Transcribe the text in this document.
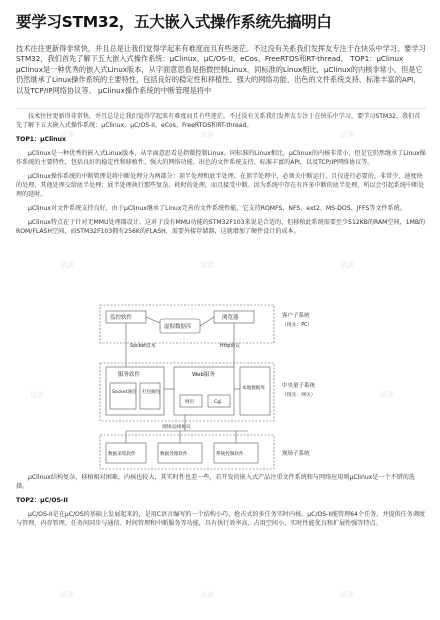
要学习STM32，五大嵌入式操作系统先搞明白
技术往往更新得非常快，并且总是让我们觉得学起来有难度而且有些迷茫。不过没有关系我们发挥友专注于在快乐中学习，要学习STM32，我们首先了解下五大嵌入式操作系统：μClinux、μC/OS-II、eCos、FreeRTOS和RT-thread。 TOP1：μClinux μClinux是一种优秀的嵌入式Linux版本，从字面意思看是指微控制Linux。同标准的Linux相比，μClinux的内核非常小，但是它仍然继承了Linux操作系统的主要特性，包括良好的稳定性和移植性、强大的网络功能、出色的文件系统支持、标准丰富的API，以及TCP/IP网络协议等。 μClinux操作系统的中断管理是将中

技术往往更新得非常快，并且总是让我们觉得学起来有难度而且有些迷茫。不过没有关系我们发挥友专注于在快乐中学习，要学习STM32，我们首先了解下五大嵌入式操作系统：μClinux、μC/OS-II、eCos、FreeRTOS和RT-thread。

TOP1：μClinux

μClinux是一种优秀的嵌入式Linux版本，从字面意思看是指微控制Linux。同标准的Linux相比，μClinux的内核非常小，但是它仍然继承了Linux操作系统的主要特性，包括良好的稳定性和移植性、强大的网络功能、出色的文件系统支持、标准丰富的API，以及TCP/IP网络协议等。

μClinux操作系统的中断管理是将中断处理分为两部分：顶半处理和底半处理。在顶半处理中，必须关中断运行，且仅进行必要的、非常少、速度快的处理，其他处理交给底半处理；底半处理执行那些复杂、耗时的处理，而且接受中断。因为系统中存在有许多中断的底半处理，所以会引起系统中断处理的延时。

μClinux对文件系统支持良好，由于μClinux继承了Linux完善的文件系统性能，它支持ROMFS、NFS、ext2、MS-DOS、JFFS等文件系统。

μClinux特点在于针对无MMU处理器设计，这对于没有MMU功能的STM32F103来说是合适的，但移植此系统需要至少512KB的RAM空间，1MB的ROM/FLASH空间，而STM32F103拥有256K的FLASH，需要外接存储器，这就增加了硬件设计的成本。

监控软件
虚拟数据库
浏览器	客户子系统
（现实：PC）
Socket技术	Http协议
服务软件	Web服务
Socket通信 打包解包
网页	Cgi
本地数据库	中央量子系统
（现实：网关）
现场总线协议
数据采集软件	数据处理软件	系统控制软件	现场子系统

μClinux结构复杂，移植相对困难，内核也较大，其实时性也差一些，若开发的嵌入式产品注重文件系统和与网络应用则μClinux是一个不错的选择。

TOP2：μC/OS-II

μC/OS-II是在μC/OS的基础上发展起来的，是用C语言编写的一个结构小巧、抢占式的多任务实时内核。μC/OS-II能管理64个任务，并提供任务调度与管理、内存管理、任务间同步与通信、时间管理和中断服务等功能，具有执行效率高、占用空间小、实时性能优良和扩展性强等特点。

试读	试读	试读
试读	试读	试读
试读	试读
试读	试读	试读
